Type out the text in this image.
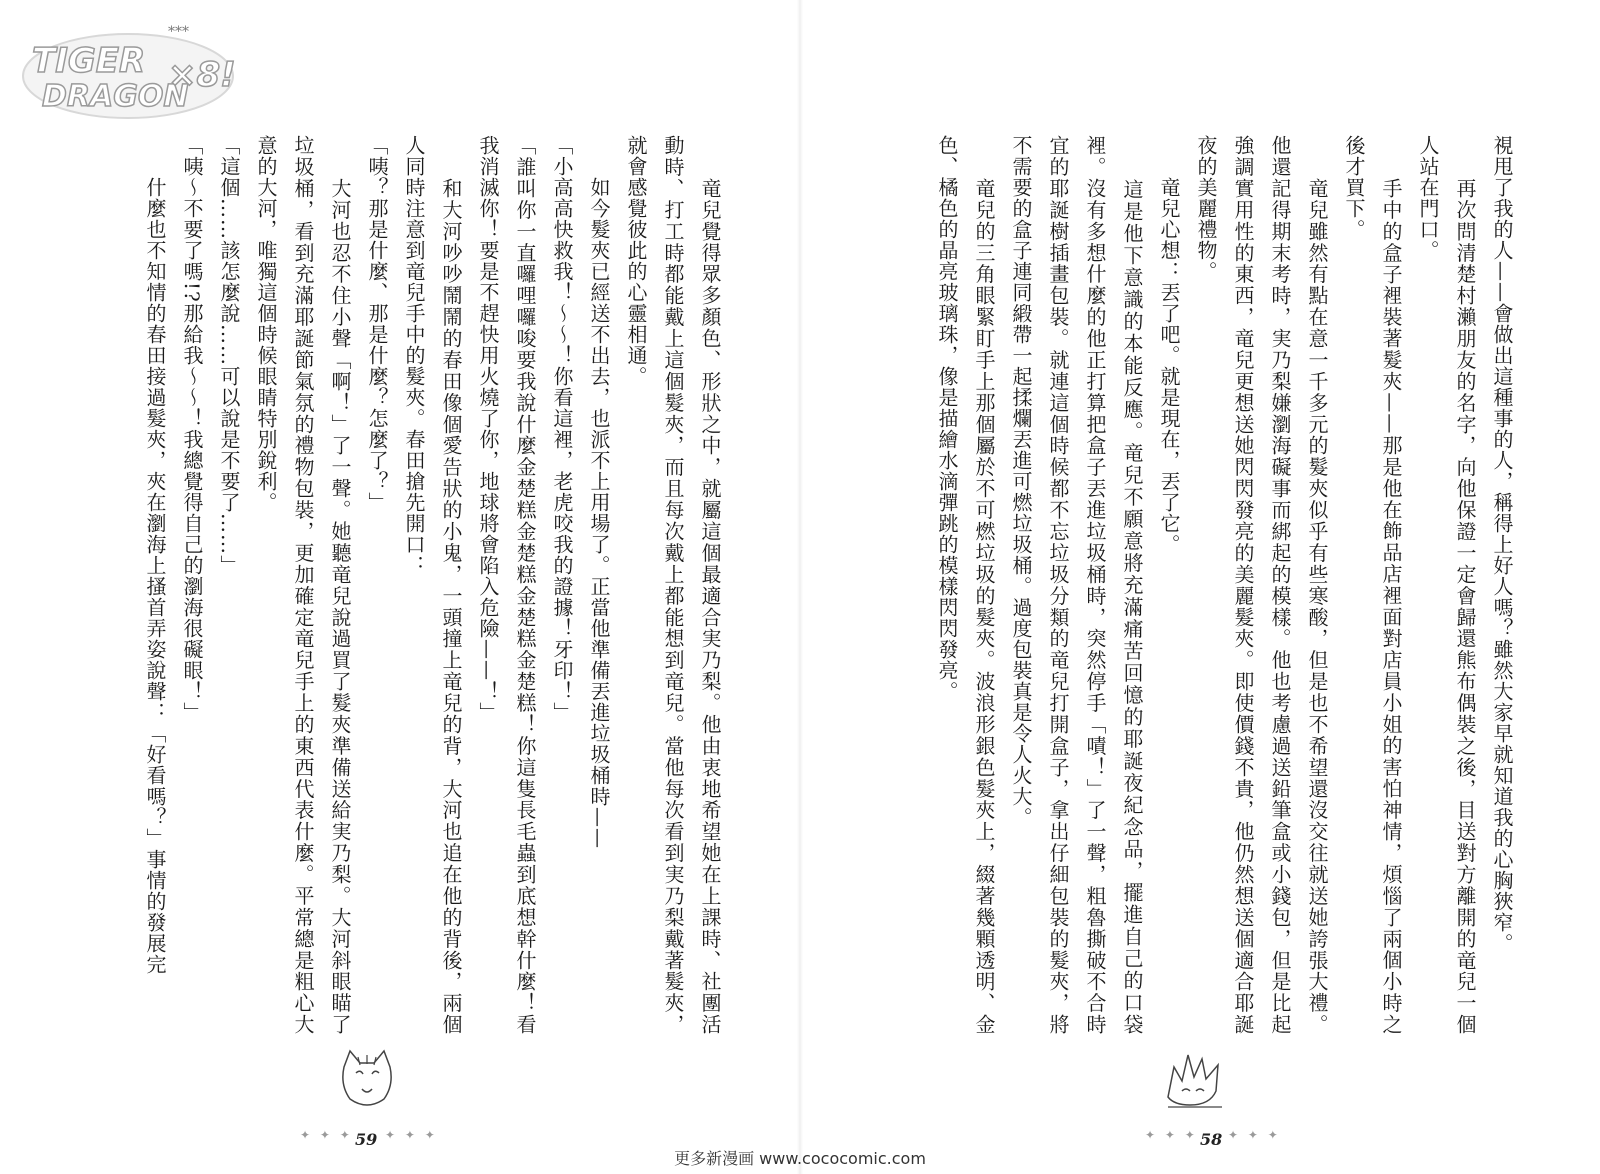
TIGER
DRAGON
×8!
***

　　竜兒覺得眾多顏色、形狀之中，就屬這個最適合実乃梨。他由衷地希望她在上課時、社團活動時、打工時都能戴上這個髮夾，而且每次戴上都能想到竜兒。當他每次看到実乃梨戴著髮夾，就會感覺彼此的心靈相通。

　　如今髮夾已經送不出去，也派不上用場了。正當他準備丟進垃圾桶時——

「小高高快救我！～～！你看這裡，老虎咬我的證據！牙印！」

「誰叫你一直囉哩囉唆要我說什麼金楚糕金楚糕金楚糕金楚糕！你這隻長毛蟲到底想幹什麼！看我消滅你！要是不趕快用火燒了你，地球將會陷入危險——！」

　　和大河吵吵鬧鬧的春田像個愛告狀的小鬼，一頭撞上竜兒的背，大河也追在他的背後，兩個人同時注意到竜兒手中的髮夾。春田搶先開口：

「咦？那是什麼、那是什麼？怎麼了？」

　　大河也忍不住小聲「啊！」了一聲。她聽竜兒說過買了髮夾準備送給実乃梨。大河斜眼瞄了垃圾桶，看到充滿耶誕節氣氛的禮物包裝，更加確定竜兒手上的東西代表什麼。平常總是粗心大意的大河，唯獨這個時候眼睛特別銳利。

「這個……該怎麼說……可以說是不要了……」

「咦～不要了嗎!?那給我～～！我總覺得自己的瀏海很礙眼！」

　　什麼也不知情的春田接過髮夾，夾在瀏海上搔首弄姿說聲：「好看嗎？」事情的發展完	視甩了我的人——會做出這種事的人，稱得上好人嗎？雖然大家早就知道我的心胸狹窄。

　　再次問清楚村瀨朋友的名字，向他保證一定會歸還熊布偶裝之後，目送對方離開的竜兒一個人站在門口。

　　手中的盒子裡裝著髮夾——那是他在飾品店裡面對店員小姐的害怕神情，煩惱了兩個小時之後才買下。

　　竜兒雖然有點在意一千多元的髮夾似乎有些寒酸，但是也不希望還沒交往就送她誇張大禮。他還記得期末考時，実乃梨嫌瀏海礙事而綁起的模樣。他也考慮過送鉛筆盒或小錢包，但是比起強調實用性的東西，竜兒更想送她閃閃發亮的美麗髮夾。即使價錢不貴，他仍然想送個適合耶誕夜的美麗禮物。

　　竜兒心想：丟了吧。就是現在，丟了它。

　　這是他下意識的本能反應。竜兒不願意將充滿痛苦回憶的耶誕夜紀念品，擺進自己的口袋裡。沒有多想什麼的他正打算把盒子丟進垃圾桶時，突然停手「嘖！」了一聲，粗魯撕破不合時宜的耶誕樹插畫包裝。就連這個時候都不忘垃圾分類的竜兒打開盒子，拿出仔細包裝的髮夾，將不需要的盒子連同緞帶一起揉爛丟進可燃垃圾桶。過度包裝真是令人火大。

　　竜兒的三角眼緊盯手上那個屬於不可燃垃圾的髮夾。波浪形銀色髮夾上，綴著幾顆透明、金色、橘色的晶亮玻璃珠，像是描繪水滴彈跳的模樣閃閃發亮。

✦ ✦ ✦	✦ ✦ ✦
59	✦ ✦ ✦	✦ ✦ ✦
58
更多新漫画 www.cococomic.com
